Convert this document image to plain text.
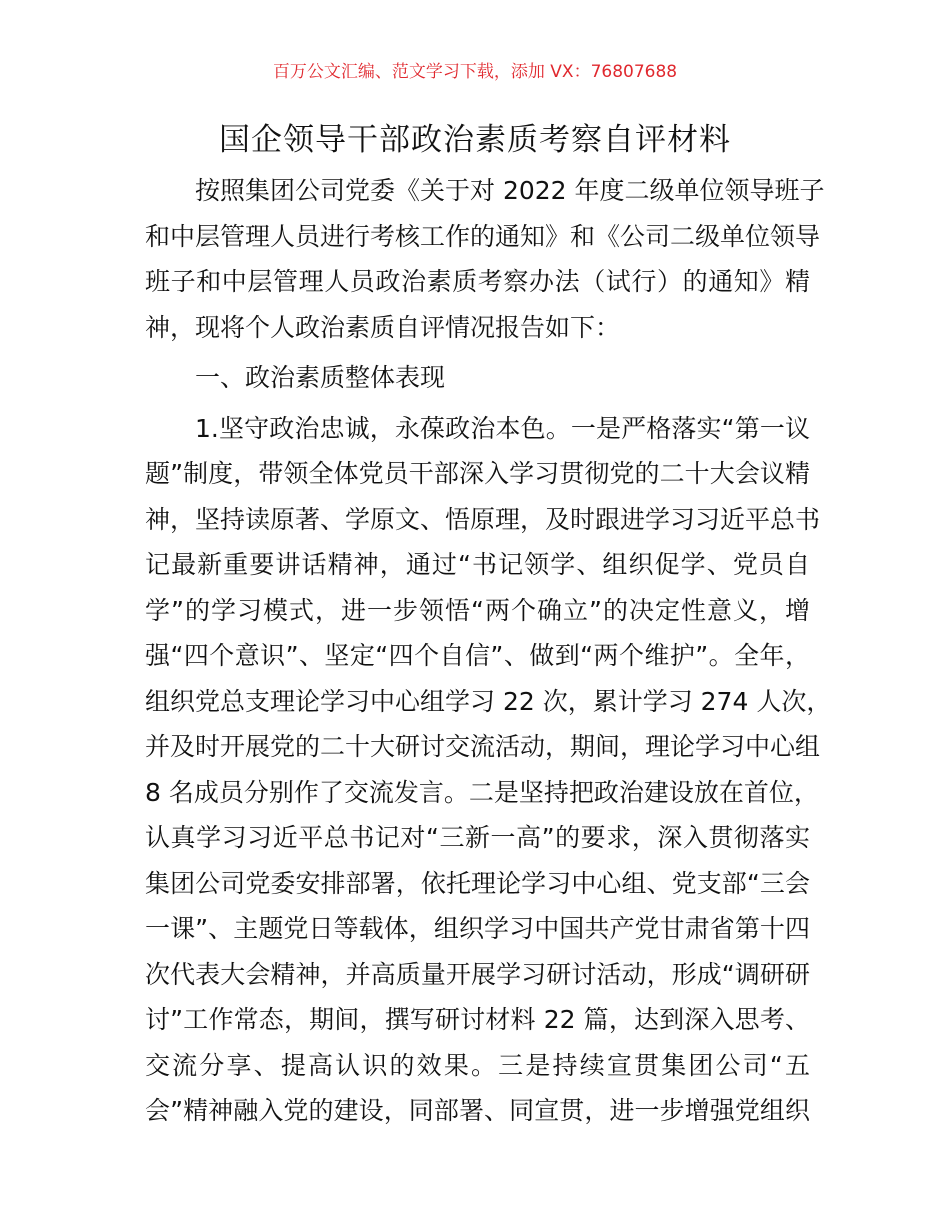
百万公文汇编、范文学习下载，添加 VX：76807688
国企领导干部政治素质考察自评材料
按照集团公司党委《关于对 2022 年度二级单位领导班子
和中层管理人员进行考核工作的通知》和《公司二级单位领导
班子和中层管理人员政治素质考察办法（试行）的通知》精
神，现将个人政治素质自评情况报告如下：
一、政治素质整体表现
1.坚守政治忠诚，永葆政治本色。一是严格落实“第一议
题”制度，带领全体党员干部深入学习贯彻党的二十大会议精
神，坚持读原著、学原文、悟原理，及时跟进学习习近平总书
记最新重要讲话精神，通过“书记领学、组织促学、党员自
学”的学习模式，进一步领悟“两个确立”的决定性意义，增
强“四个意识”、坚定“四个自信”、做到“两个维护”。全年，
组织党总支理论学习中心组学习 22 次，累计学习 274 人次，
并及时开展党的二十大研讨交流活动，期间，理论学习中心组
8 名成员分别作了交流发言。二是坚持把政治建设放在首位，
认真学习习近平总书记对“三新一高”的要求，深入贯彻落实
集团公司党委安排部署，依托理论学习中心组、党支部“三会
一课”、主题党日等载体，组织学习中国共产党甘肃省第十四
次代表大会精神，并高质量开展学习研讨活动，形成“调研研
讨”工作常态，期间，撰写研讨材料 22 篇，达到深入思考、
交流分享、提高认识的效果。三是持续宣贯集团公司“五
会”精神融入党的建设，同部署、同宣贯，进一步增强党组织
